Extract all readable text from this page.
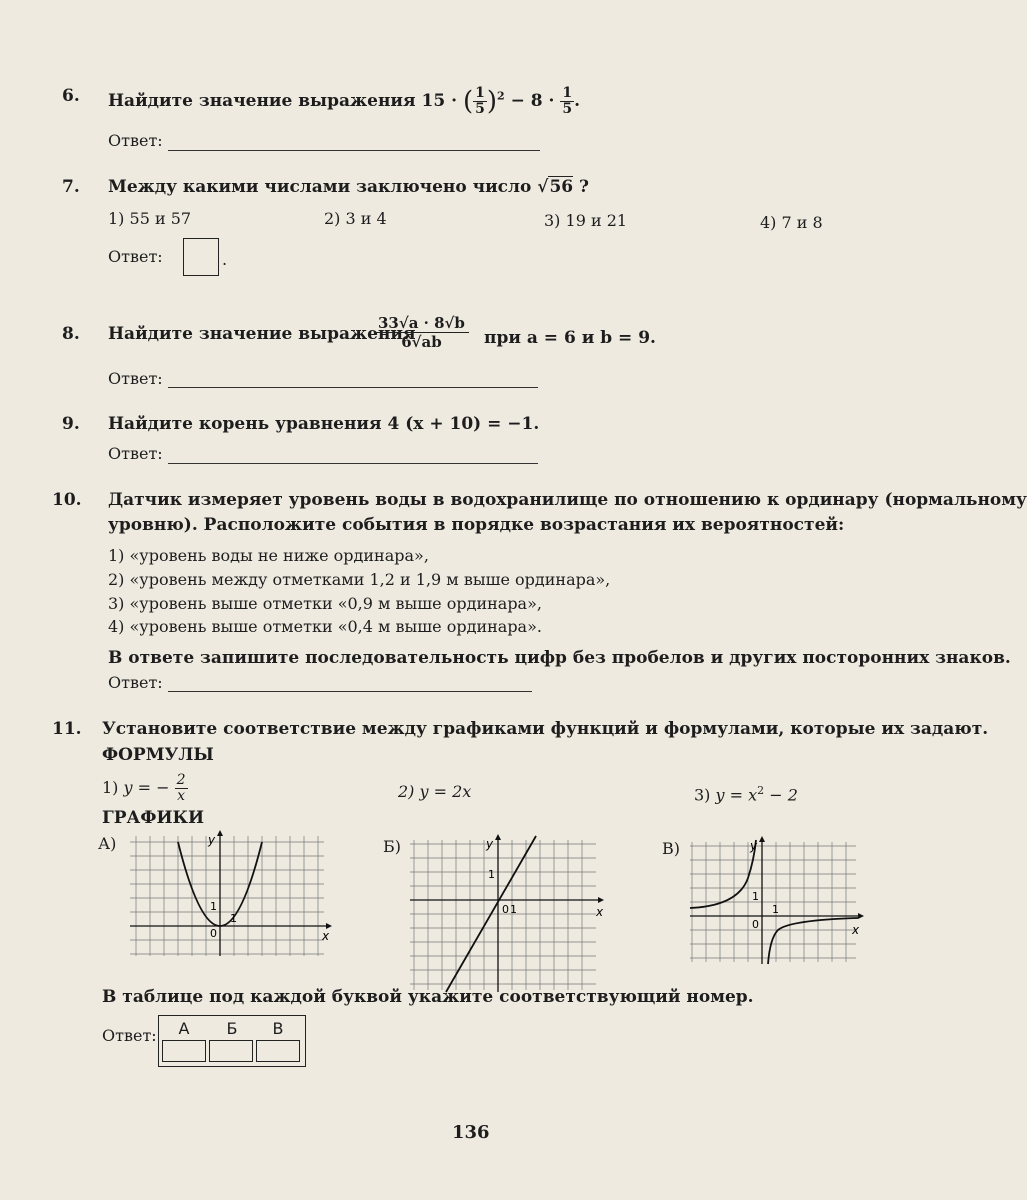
6. Найдите значение выражения 15 · ( $\frac{1}{5} )^2 - 8 \cdot \frac{1}{5}$ .
Ответ:
7. Между какими числами заключено число √56 ?
1) 55 и 57	2) 3 и 4	3) 19 и 21	4) 7 и 8
Ответ:	.
8. Найдите значение выражения
$\frac{33√a \cdot 8√b}{6√ab}$ при a = 6 и b = 9.
Ответ:
9. Найдите корень уравнения 4 (x + 10) = −1.
Ответ:
10. Датчик измеряет уровень воды в водохранилище по отношению к ординару (нормальному
уровню). Расположите события в порядке возрастания их вероятностей:
1) «уровень воды не ниже ординара»,
2) «уровень между отметками 1,2 и 1,9 м выше ординара»,
3) «уровень выше отметки «0,9 м выше ординара»,
4) «уровень выше отметки «0,4 м выше ординара».
В ответе запишите последовательность цифр без пробелов и других посторонних знаков.
Ответ:
11. Установите соответствие между графиками функций и формулами, которые их задают.
ФОРМУЛЫ
1) y = − $\frac{2}{x}$	2) y = 2x	3) $y = x^2 - 2$
ГРАФИКИ
А)	Б)	В)
x
y
1
1
0
x
y
1
1
0
x
y
1
1
0
В таблице под каждой буквой укажите соответствующий номер.
Ответ:	А	Б	В
136
